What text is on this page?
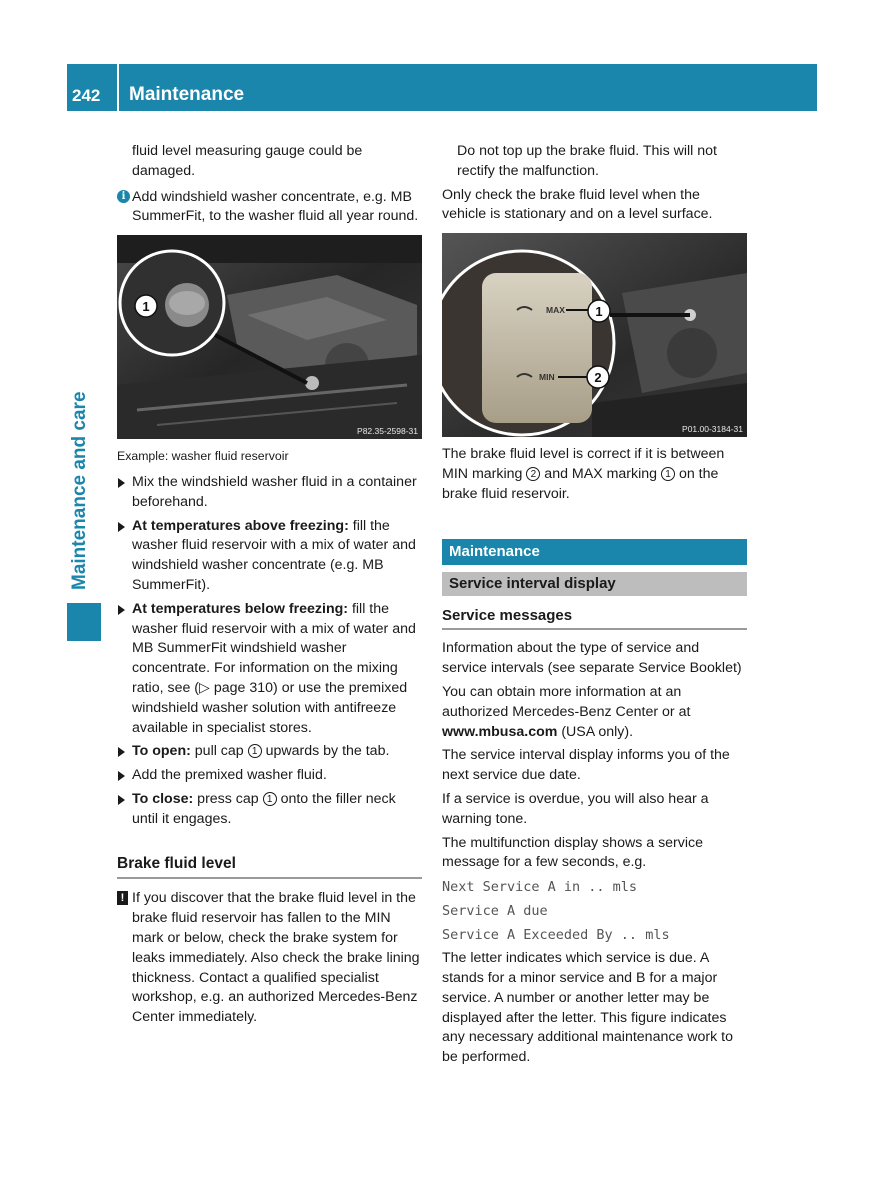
242 Maintenance
Maintenance and care

fluid level measuring gauge could be damaged.

i Add windshield washer concentrate, e.g. MB SummerFit, to the washer fluid all year round.
1
P82.35-2598-31
Example: washer fluid reservoir
Mix the windshield washer fluid in a container beforehand.
At temperatures above freezing: fill the washer fluid reservoir with a mix of water and windshield washer concentrate (e.g. MB SummerFit).
At temperatures below freezing: fill the washer fluid reservoir with a mix of water and MB SummerFit windshield washer concentrate. For information on the mixing ratio, see (▷ page 310) or use the premixed windshield washer solution with antifreeze available in specialist stores.
To open: pull cap 1 upwards by the tab.
Add the premixed washer fluid.
To close: press cap 1 onto the filler neck until it engages.
Brake fluid level
! If you discover that the brake fluid level in the brake fluid reservoir has fallen to the MIN mark or below, check the brake system for leaks immediately. Also check the brake lining thickness. Contact a qualified specialist workshop, e.g. an authorized Mercedes-Benz Center immediately.

Do not top up the brake fluid. This will not rectify the malfunction.

Only check the brake fluid level when the vehicle is stationary and on a level surface.

MAX
MIN
1
2
P01.00-3184-31

The brake fluid level is correct if it is between MIN marking 2 and MAX marking 1 on the brake fluid reservoir.

Maintenance
Service interval display
Service messages

Information about the type of service and service intervals (see separate Service Booklet)

You can obtain more information at an authorized Mercedes-Benz Center or at www.mbusa.com (USA only).

The service interval display informs you of the next service due date.

If a service is overdue, you will also hear a warning tone.

The multifunction display shows a service message for a few seconds, e.g.

Next Service A in .. mls
Service A due
Service A Exceeded By .. mls

The letter indicates which service is due. A stands for a minor service and B for a major service. A number or another letter may be displayed after the letter. This figure indicates any necessary additional maintenance work to be performed.
